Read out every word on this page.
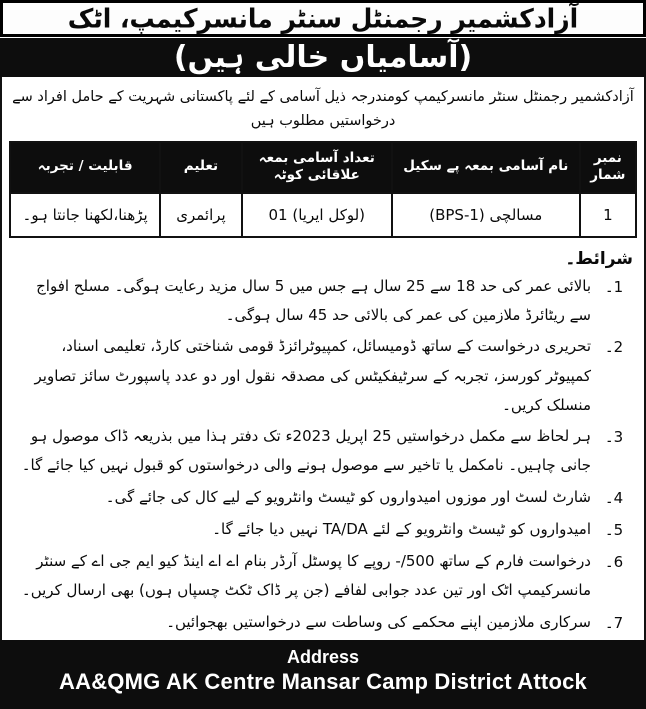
آزادکشمیر رجمنٹل سنٹر مانسرکیمپ، اٹک
(آسامیاں خالی ہیں)
آزادکشمیر رجمنٹل سنٹر مانسرکیمپ کومندرجہ ذیل آسامی کے لئے پاکستانی شہریت کے حامل افراد سے درخواستیں مطلوب ہیں
نمبر شمار	نام آسامی بمعہ پے سکیل	تعداد آسامی بمعہ علاقائی کوٹہ	تعلیم	قابلیت / تجربہ
1	مسالچی (BPS-1)	01 (لوکل ایریا)	پرائمری	پڑھنا،لکھنا جانتا ہو۔
شرائط۔
1۔
بالائی عمر کی حد 18 سے 25 سال ہے جس میں 5 سال مزید رعایت ہوگی۔ مسلح افواج سے ریٹائرڈ ملازمین کی عمر کی بالائی حد 45 سال ہوگی۔
2۔
تحریری درخواست کے ساتھ ڈومیسائل، کمپیوٹرائزڈ قومی شناختی کارڈ، تعلیمی اسناد، کمپیوٹر کورسز، تجربہ کے سرٹیفکیٹس کی مصدقہ نقول اور دو عدد پاسپورٹ سائز تصاویر منسلک کریں۔
3۔
ہر لحاظ سے مکمل درخواستیں 25 اپریل 2023ء تک دفتر ہذا میں بذریعہ ڈاک موصول ہو جانی چاہیں۔ نامکمل یا تاخیر سے موصول ہونے والی درخواستوں کو قبول نہیں کیا جائے گا۔
4۔
شارٹ لسٹ اور موزوں امیدواروں کو ٹیسٹ وانٹرویو کے لیے کال کی جائے گی۔
5۔
امیدواروں کو ٹیسٹ وانٹرویو کے لئے TA/DA نہیں دیا جائے گا۔
6۔
درخواست فارم کے ساتھ 500/- روپے کا پوسٹل آرڈر بنام اے اے اینڈ کیو ایم جی اے کے سنٹر مانسرکیمپ اٹک اور تین عدد جوابی لفافے (جن پر ڈاک ٹکٹ چسپاں ہوں) بھی ارسال کریں۔
7۔
سرکاری ملازمین اپنے محکمے کی وساطت سے درخواستیں بھجوائیں۔
Address
AA&QMG AK Centre Mansar Camp District Attock
